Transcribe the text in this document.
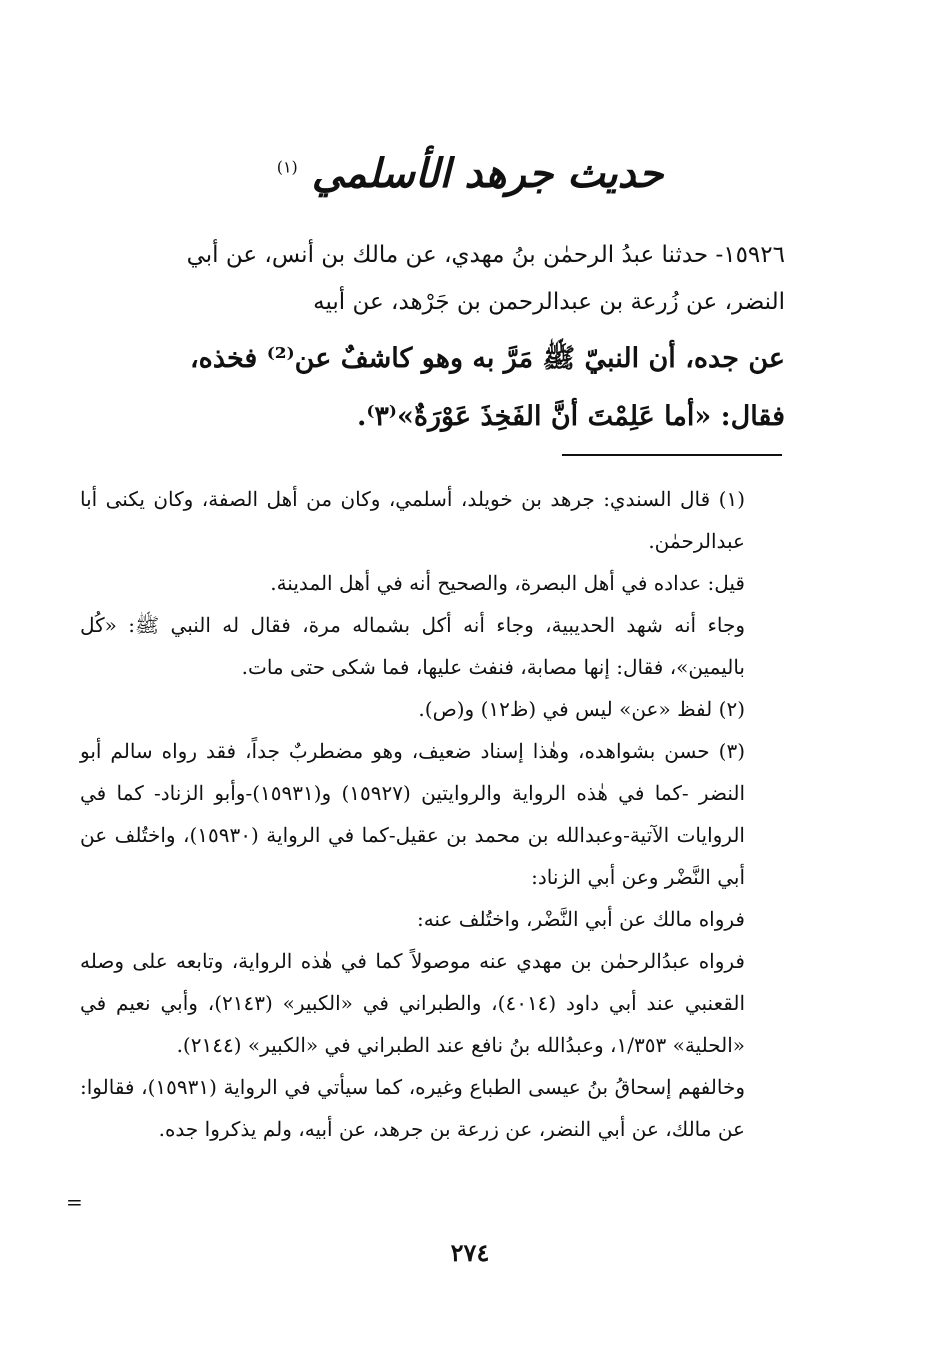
حديث جرهد الأسلمي $^{(١)}$
١٥٩٢٦- حدثنا عبدُ الرحمٰن بنُ مهدي، عن مالك بن أنس، عن أبي
النضر، عن زُرعة بن عبدالرحمن بن جَرْهد، عن أبيه
عن جده، أن النبيّ ﷺ مَرَّ به وهو كاشفٌ عن⁽²⁾ فخذه،
فقال: «أما عَلِمْتَ أنَّ الفَخِذَ عَوْرَةٌ»⁽٣⁾.

(١) قال السندي: جرهد بن خويلد، أسلمي، وكان من أهل الصفة، وكان يكنى أبا عبدالرحمٰن.

قيل: عداده في أهل البصرة، والصحيح أنه في أهل المدينة.

وجاء أنه شهد الحديبية، وجاء أنه أكل بشماله مرة، فقال له النبي ﷺ: «كُل باليمين»، فقال: إنها مصابة، فنفث عليها، فما شكى حتى مات.

(٢) لفظ «عن» ليس في (ظ١٢) و(ص).

(٣) حسن بشواهده، وهٰذا إسناد ضعيف، وهو مضطربٌ جداً، فقد رواه سالم أبو النضر -كما في هٰذه الرواية والروايتين (١٥٩٢٧) و(١٥٩٣١)-وأبو الزناد- كما في الروايات الآتية-وعبدالله بن محمد بن عقيل-كما في الرواية (١٥٩٣٠)، واختُلف عن أبي النَّضْر وعن أبي الزناد:

فرواه مالك عن أبي النَّضْر، واختُلف عنه:

فرواه عبدُالرحمٰن بن مهدي عنه موصولاً كما في هٰذه الرواية، وتابعه على وصله القعنبي عند أبي داود (٤٠١٤)، والطبراني في «الكبير» (٢١٤٣)، وأبي نعيم في «الحلية» ١/٣٥٣، وعبدُالله بنُ نافع عند الطبراني في «الكبير» (٢١٤٤).

وخالفهم إسحاقُ بنُ عيسى الطباع وغيره، كما سيأتي في الرواية (١٥٩٣١)، فقالوا: عن مالك، عن أبي النضر، عن زرعة بن جرهد، عن أبيه، ولم يذكروا جده.

=
٢٧٤
